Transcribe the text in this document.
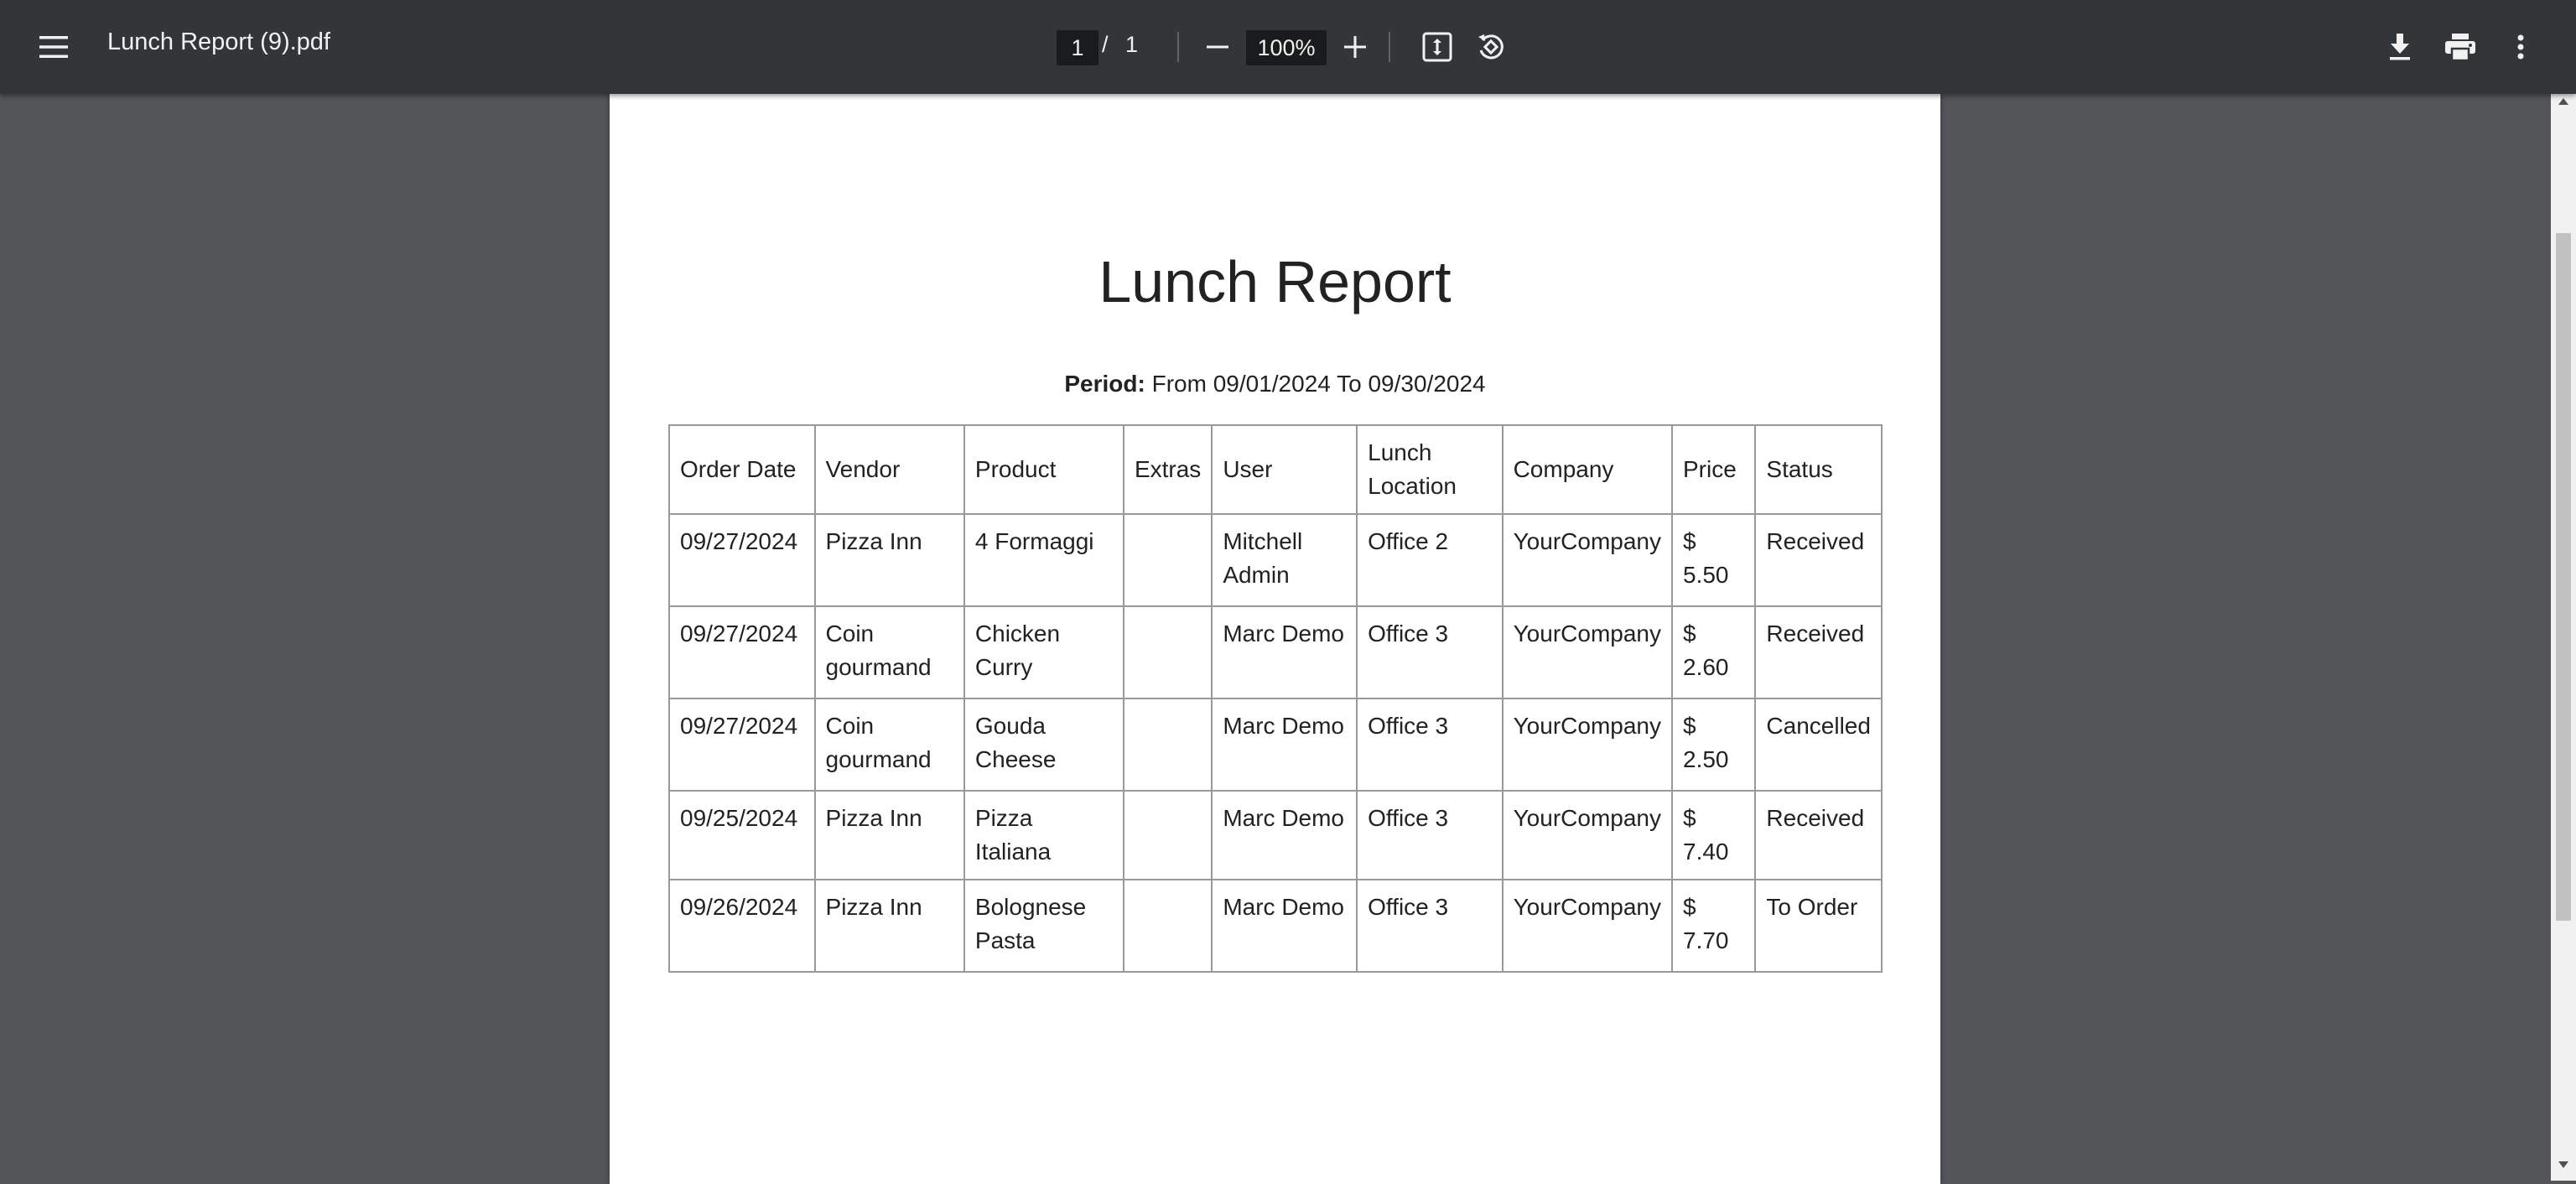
Lunch Report (9).pdf
1	/ 1
100%
Lunch Report
Period: From 09/01/2024 To 09/30/2024
Order Date	Vendor	Product	Extras	User	Lunch Location	Company	Price	Status
09/27/2024	Pizza Inn	4 Formaggi		Mitchell Admin	Office 2	YourCompany	$ 5.50	Received
09/27/2024	Coin gourmand	Chicken Curry		Marc Demo	Office 3	YourCompany	$ 2.60	Received
09/27/2024	Coin gourmand	Gouda Cheese		Marc Demo	Office 3	YourCompany	$ 2.50	Cancelled
09/25/2024	Pizza Inn	Pizza Italiana		Marc Demo	Office 3	YourCompany	$ 7.40	Received
09/26/2024	Pizza Inn	Bolognese Pasta		Marc Demo	Office 3	YourCompany	$ 7.70	To Order
